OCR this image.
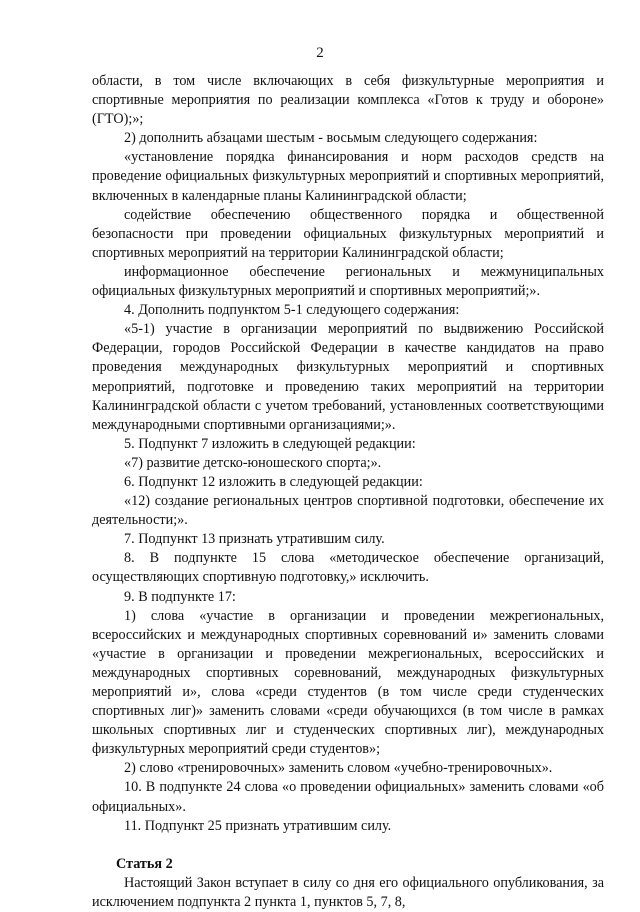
2

области, в том числе включающих в себя физкультурные мероприятия и спортивные мероприятия по реализации комплекса «Готов к труду и обороне» (ГТО);»;

2) дополнить абзацами шестым - восьмым следующего содержания:

«установление порядка финансирования и норм расходов средств на проведение официальных физкультурных мероприятий и спортивных мероприятий, включенных в календарные планы Калининградской области;

содействие обеспечению общественного порядка и общественной безопасности при проведении официальных физкультурных мероприятий и спортивных мероприятий на территории Калининградской области;

информационное обеспечение региональных и межмуниципальных официальных физкультурных мероприятий и спортивных мероприятий;».

4. Дополнить подпунктом 5-1 следующего содержания:

«5-1) участие в организации мероприятий по выдвижению Российской Федерации, городов Российской Федерации в качестве кандидатов на право проведения международных физкультурных мероприятий и спортивных мероприятий, подготовке и проведению таких мероприятий на территории Калининградской области с учетом требований, установленных соответствующими международными спортивными организациями;».

5. Подпункт 7 изложить в следующей редакции:

«7) развитие детско-юношеского спорта;».

6. Подпункт 12 изложить в следующей редакции:

«12) создание региональных центров спортивной подготовки, обеспечение их деятельности;».

7. Подпункт 13 признать утратившим силу.

8. В подпункте 15 слова «методическое обеспечение организаций, осуществляющих спортивную подготовку,» исключить.

9. В подпункте 17:

1) слова «участие в организации и проведении межрегиональных, всероссийских и международных спортивных соревнований и» заменить словами «участие в организации и проведении межрегиональных, всероссийских и международных спортивных соревнований, международных физкультурных мероприятий и», слова «среди студентов (в том числе среди студенческих спортивных лиг)» заменить словами «среди обучающихся (в том числе в рамках школьных спортивных лиг и студенческих спортивных лиг), международных физкультурных мероприятий среди студентов»;

2) слово «тренировочных» заменить словом «учебно-тренировочных».

10. В подпункте 24 слова «о проведении официальных» заменить словами «об официальных».

11. Подпункт 25 признать утратившим силу.

Статья 2

Настоящий Закон вступает в силу со дня его официального опубликования, за исключением подпункта 2 пункта 1, пунктов 5, 7, 8,
